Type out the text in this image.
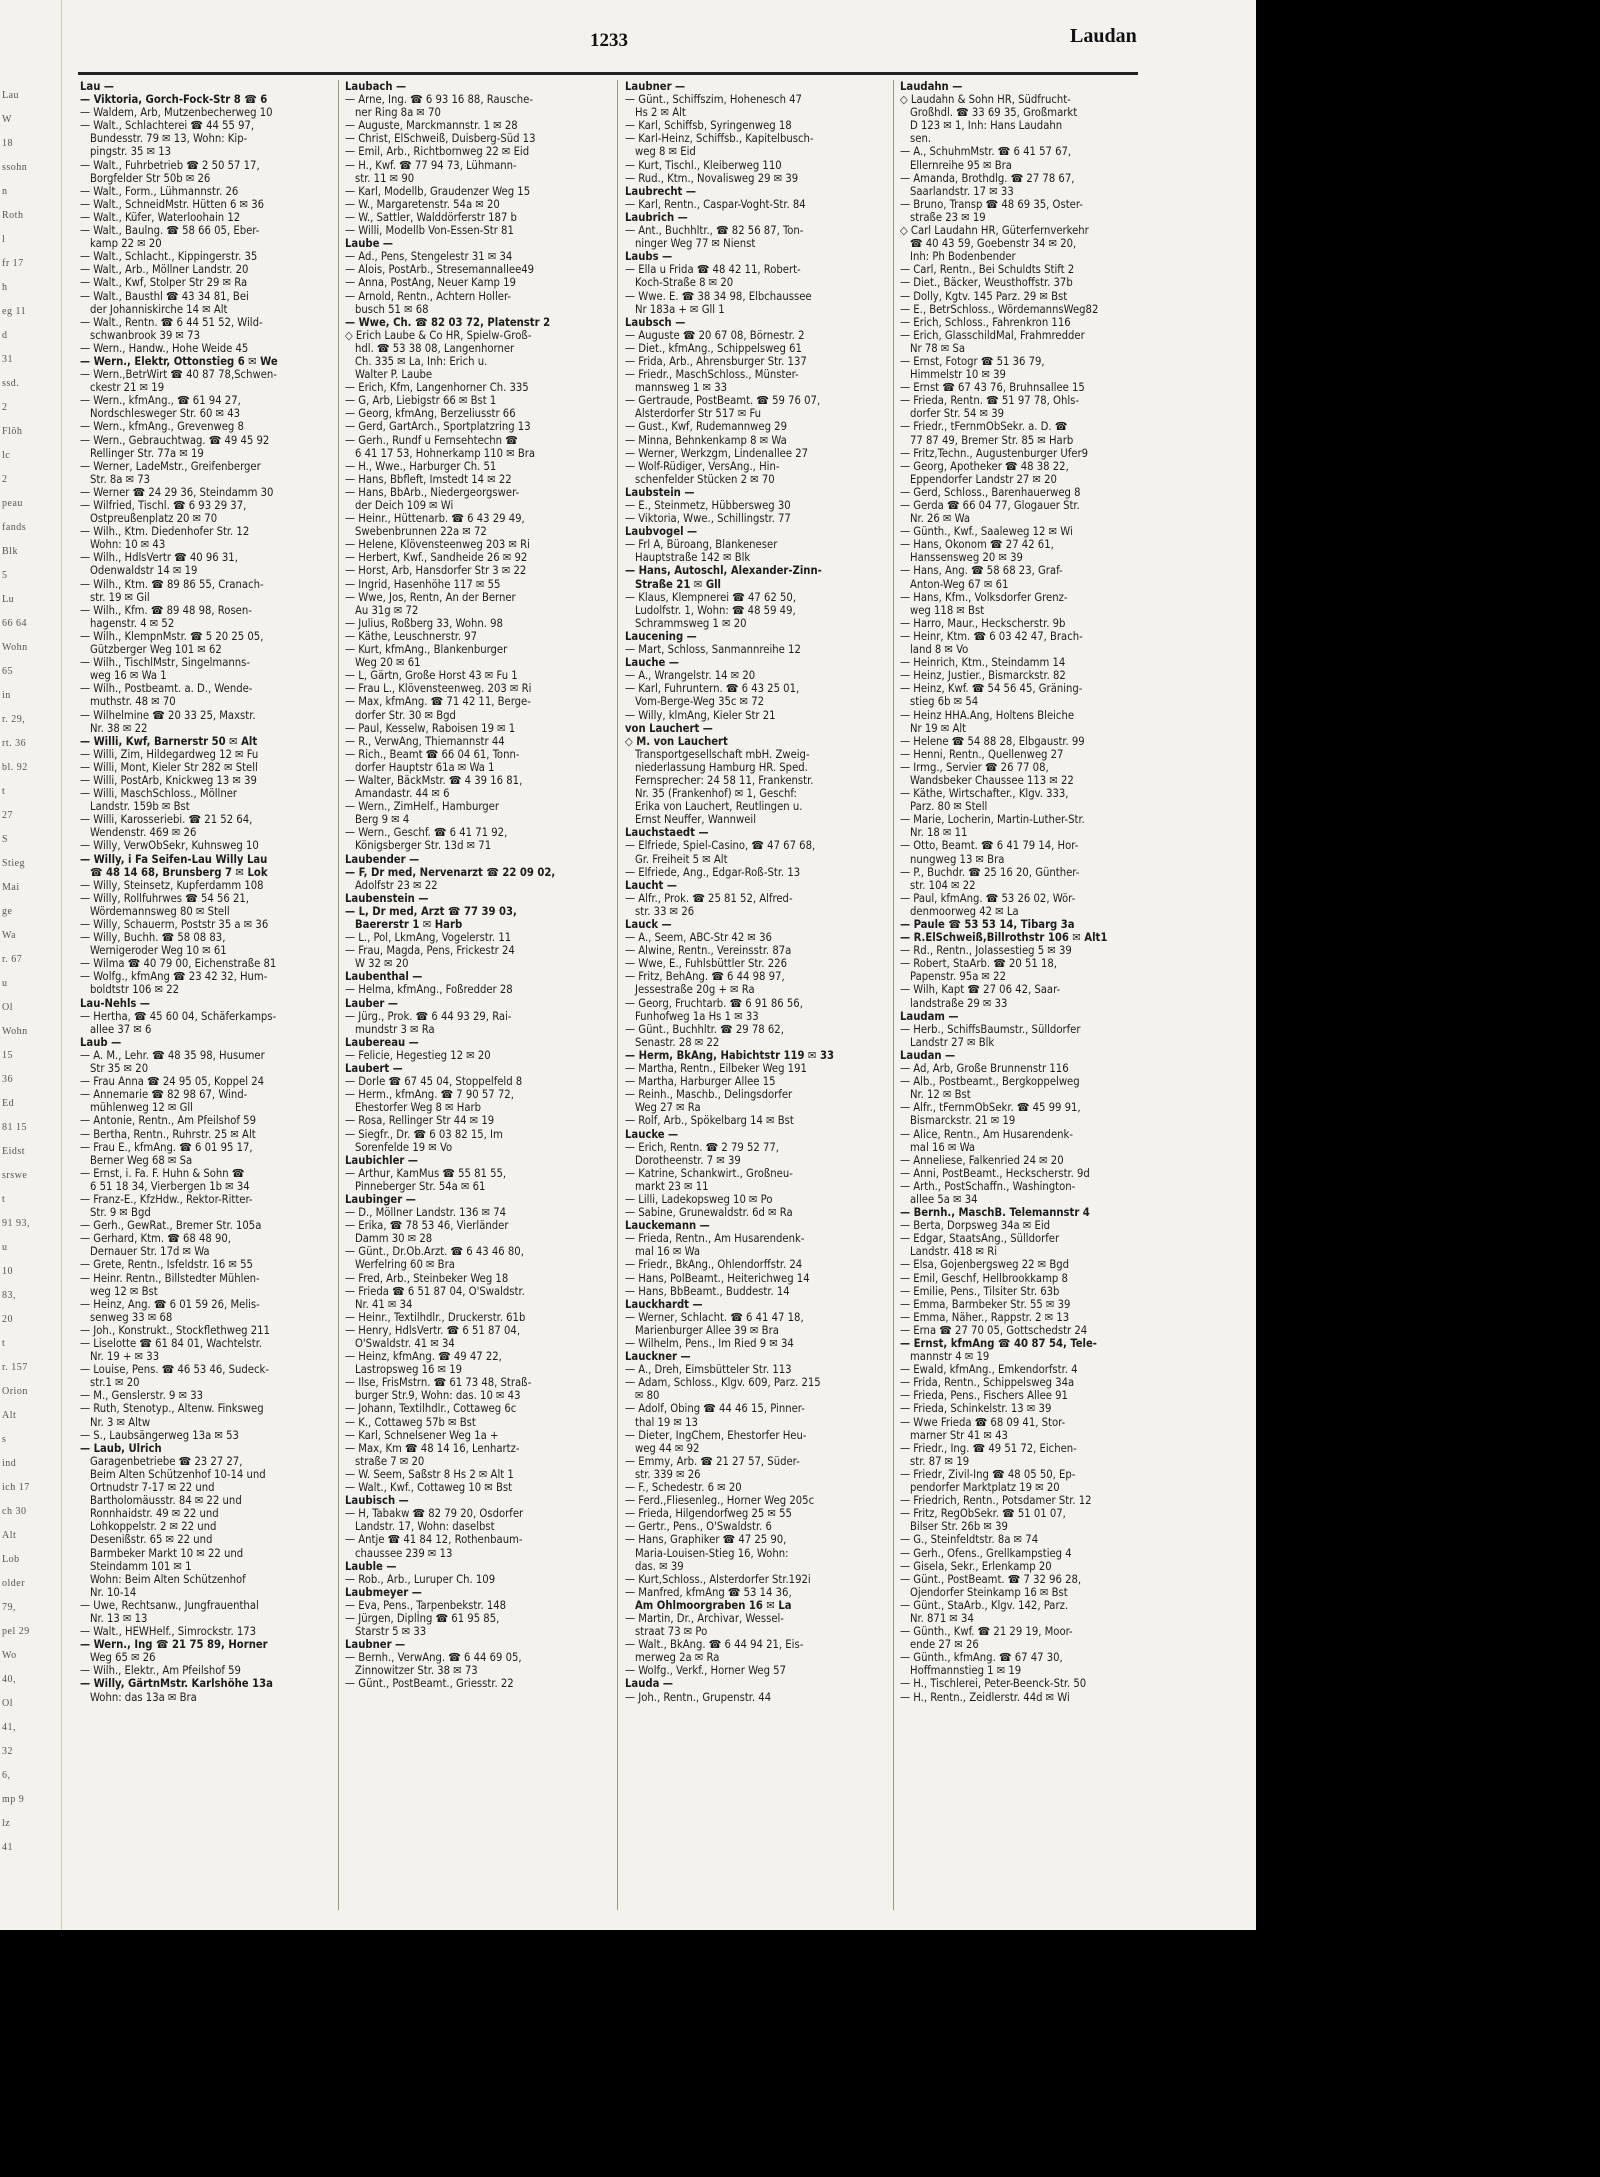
Lau
W
18
ssohn
n
Roth
l
fr 17
h
eg 11
d
31
ssd.
2
Flöh
lc
2
peau
fands
Blk
5
Lu
66 64
Wohn
65
in
r. 29,
rt. 36
bl. 92
t
27
S
Stieg
Mai
ge
Wa
r. 67
u
Ol
Wohn
15
36
Ed
81 15
Eidst
srswe
t
91 93,
u
10
83,
20
t
r. 157
Orion
Alt
s
ind
ich 17
ch 30
Alt
Lob
older
79,
pel 29
Wo
40,
Ol
41,
32
6,
mp 9
lz
41
1233	Laudan
Lau —
— Viktoria, Gorch-Fock-Str 8 ☎ 6
— Waldem, Arb, Mutzenbecherweg 10
— Walt., Schlachterei ☎ 44 55 97,
Bundesstr. 79 ✉ 13, Wohn: Kip-
pingstr. 35 ✉ 13
— Walt., Fuhrbetrieb ☎ 2 50 57 17,
Borgfelder Str 50b ✉ 26
— Walt., Form., Lühmannstr. 26
— Walt., SchneidMstr. Hütten 6 ✉ 36
— Walt., Küfer, Waterloohain 12
— Walt., Baulng. ☎ 58 66 05, Eber-
kamp 22 ✉ 20
— Walt., Schlacht., Kippingerstr. 35
— Walt., Arb., Möllner Landstr. 20
— Walt., Kwf, Stolper Str 29 ✉ Ra
— Walt., Bausthl ☎ 43 34 81, Bei
der Johanniskirche 14 ✉ Alt
— Walt., Rentn. ☎ 6 44 51 52, Wild-
schwanbrook 39 ✉ 73
— Wern., Handw., Hohe Weide 45
— Wern., Elektr, Ottonstieg 6 ✉ We
— Wern.,BetrWirt ☎ 40 87 78,Schwen-
ckestr 21 ✉ 19
— Wern., kfmAng., ☎ 61 94 27,
Nordschlesweger Str. 60 ✉ 43
— Wern., kfmAng., Grevenweg 8
— Wern., Gebrauchtwag. ☎ 49 45 92
Rellinger Str. 77a ✉ 19
— Werner, LadeMstr., Greifenberger
Str. 8a ✉ 73
— Werner ☎ 24 29 36, Steindamm 30
— Wilfried, Tischl. ☎ 6 93 29 37,
Ostpreußenplatz 20 ✉ 70
— Wilh., Ktm. Diedenhofer Str. 12
Wohn: 10 ✉ 43
— Wilh., HdlsVertr ☎ 40 96 31,
Odenwaldstr 14 ✉ 19
— Wilh., Ktm. ☎ 89 86 55, Cranach-
str. 19 ✉ Gil
— Wilh., Kfm. ☎ 89 48 98, Rosen-
hagenstr. 4 ✉ 52
— Wilh., KlempnMstr. ☎ 5 20 25 05,
Gützberger Weg 101 ✉ 62
— Wilh., TischlMstr, Singelmanns-
weg 16 ✉ Wa 1
— Wilh., Postbeamt. a. D., Wende-
muthstr. 48 ✉ 70
— Wilhelmine ☎ 20 33 25, Maxstr.
Nr. 38 ✉ 22
— Willi, Kwf, Barnerstr 50 ✉ Alt
— Willi, Zim, Hildegardweg 12 ✉ Fu
— Willi, Mont, Kieler Str 282 ✉ Stell
— Willi, PostArb, Knickweg 13 ✉ 39
— Willi, MaschSchloss., Möllner
Landstr. 159b ✉ Bst
— Willi, Karosseriebi. ☎ 21 52 64,
Wendenstr. 469 ✉ 26
— Willy, VerwObSekr, Kuhnsweg 10
— Willy, i Fa Seifen-Lau Willy Lau
☎ 48 14 68, Brunsberg 7 ✉ Lok
— Willy, Steinsetz, Kupferdamm 108
— Willy, Rollfuhrwes ☎ 54 56 21,
Wördemannsweg 80 ✉ Stell
— Willy, Schauerm, Poststr 35 a ✉ 36
— Willy, Buchh. ☎ 58 08 83,
Wernigeroder Weg 10 ✉ 61
— Wilma ☎ 40 79 00, Eichenstraße 81
— Wolfg., kfmAng ☎ 23 42 32, Hum-
boldtstr 106 ✉ 22
Lau-Nehls —
— Hertha, ☎ 45 60 04, Schäferkamps-
allee 37 ✉ 6
Laub —
— A. M., Lehr. ☎ 48 35 98, Husumer
Str 35 ✉ 20
— Frau Anna ☎ 24 95 05, Koppel 24
— Annemarie ☎ 82 98 67, Wind-
mühlenweg 12 ✉ Gll
— Antonie, Rentn., Am Pfeilshof 59
— Bertha, Rentn., Ruhrstr. 25 ✉ Alt
— Frau E., kfmAng. ☎ 6 01 95 17,
Berner Weg 68 ✉ Sa
— Ernst, i. Fa. F. Huhn & Sohn ☎
6 51 18 34, Vierbergen 1b ✉ 34
— Franz-E., KfzHdw., Rektor-Ritter-
Str. 9 ✉ Bgd
— Gerh., GewRat., Bremer Str. 105a
— Gerhard, Ktm. ☎ 68 48 90,
Dernauer Str. 17d ✉ Wa
— Grete, Rentn., Isfeldstr. 16 ✉ 55
— Heinr. Rentn., Billstedter Mühlen-
weg 12 ✉ Bst
— Heinz, Ang. ☎ 6 01 59 26, Melis-
senweg 33 ✉ 68
— Joh., Konstrukt., Stockflethweg 211
— Liselotte ☎ 61 84 01, Wachtelstr.
Nr. 19 + ✉ 33
— Louise, Pens. ☎ 46 53 46, Sudeck-
str.1 ✉ 20
— M., Genslerstr. 9 ✉ 33
— Ruth, Stenotyp., Altenw. Finksweg
Nr. 3 ✉ Altw
— S., Laubsängerweg 13a ✉ 53
— Laub, Ulrich
Garagenbetriebe ☎ 23 27 27,
Beim Alten Schützenhof 10-14 und
Ortnudstr 7-17 ✉ 22 und
Bartholomäusstr. 84 ✉ 22 und
Ronnhaidstr. 49 ✉ 22 und
Lohkoppelstr. 2 ✉ 22 und
Desenißstr. 65 ✉ 22 und
Barmbeker Markt 10 ✉ 22 und
Steindamm 101 ✉ 1
Wohn: Beim Alten Schützenhof
Nr. 10-14
— Uwe, Rechtsanw., Jungfrauenthal
Nr. 13 ✉ 13
— Walt., HEWHelf., Simrockstr. 173
— Wern., Ing ☎ 21 75 89, Horner
Weg 65 ✉ 26
— Wilh., Elektr., Am Pfeilshof 59
— Willy, GärtnMstr. Karlshöhe 13a
Wohn: das 13a ✉ Bra
Laubach —
— Arne, Ing. ☎ 6 93 16 88, Rausche-
ner Ring 8a ✉ 70
— Auguste, Marckmannstr. 1 ✉ 28
— Christ, ElSchweiß, Duisberg-Süd 13
— Emil, Arb., Richtbornweg 22 ✉ Eid
— H., Kwf. ☎ 77 94 73, Lühmann-
str. 11 ✉ 90
— Karl, Modellb, Graudenzer Weg 15
— W., Margaretenstr. 54a ✉ 20
— W., Sattler, Walddörferstr 187 b
— Willi, Modellb Von-Essen-Str 81
Laube —
— Ad., Pens, Stengelestr 31 ✉ 34
— Alois, PostArb., Stresemannallee49
— Anna, PostAng, Neuer Kamp 19
— Arnold, Rentn., Achtern Holler-
busch 51 ✉ 68
— Wwe, Ch. ☎ 82 03 72, Platenstr 2
◇ Erich Laube & Co HR, Spielw-Groß-
hdl. ☎ 53 38 08, Langenhorner
Ch. 335 ✉ La, Inh: Erich u.
Walter P. Laube
— Erich, Kfm, Langenhorner Ch. 335
— G, Arb, Liebigstr 66 ✉ Bst 1
— Georg, kfmAng, Berzeliusstr 66
— Gerd, GartArch., Sportplatzring 13
— Gerh., Rundf u Fernsehtechn ☎
6 41 17 53, Hohnerkamp 110 ✉ Bra
— H., Wwe., Harburger Ch. 51
— Hans, Bbfleft, Imstedt 14 ✉ 22
— Hans, BbArb., Niedergeorgswer-
der Deich 109 ✉ Wi
— Heinr., Hüttenarb. ☎ 6 43 29 49,
Swebenbrunnen 22a ✉ 72
— Helene, Klövensteenweg 203 ✉ Ri
— Herbert, Kwf., Sandheide 26 ✉ 92
— Horst, Arb, Hansdorfer Str 3 ✉ 22
— Ingrid, Hasenhöhe 117 ✉ 55
— Wwe, Jos, Rentn, An der Berner
Au 31g ✉ 72
— Julius, Roßberg 33, Wohn. 98
— Käthe, Leuschnerstr. 97
— Kurt, kfmAng., Blankenburger
Weg 20 ✉ 61
— L, Gärtn, Große Horst 43 ✉ Fu 1
— Frau L., Klövensteenweg. 203 ✉ Ri
— Max, kfmAng. ☎ 71 42 11, Berge-
dorfer Str. 30 ✉ Bgd
— Paul, Kesselw, Raboisen 19 ✉ 1
— R., VerwAng, Thiemannstr 44
— Rich., Beamt ☎ 66 04 61, Tonn-
dorfer Hauptstr 61a ✉ Wa 1
— Walter, BäckMstr. ☎ 4 39 16 81,
Amandastr. 44 ✉ 6
— Wern., ZimHelf., Hamburger
Berg 9 ✉ 4
— Wern., Geschf. ☎ 6 41 71 92,
Königsberger Str. 13d ✉ 71
Laubender —
— F, Dr med, Nervenarzt ☎ 22 09 02,
Adolfstr 23 ✉ 22
Laubenstein —
— L, Dr med, Arzt ☎ 77 39 03,
Baererstr 1 ✉ Harb
— L., Pol, LkmAng, Vogelerstr. 11
— Frau, Magda, Pens, Frickestr 24
W 32 ✉ 20
Laubenthal —
— Helma, kfmAng., Foßredder 28
Lauber —
— Jürg., Prok. ☎ 6 44 93 29, Rai-
mundstr 3 ✉ Ra
Laubereau —
— Felicie, Hegestieg 12 ✉ 20
Laubert —
— Dorle ☎ 67 45 04, Stoppelfeld 8
— Herm., kfmAng. ☎ 7 90 57 72,
Ehestorfer Weg 8 ✉ Harb
— Rosa, Rellinger Str 44 ✉ 19
— Siegfr., Dr. ☎ 6 03 82 15, Im
Sorenfelde 19 ✉ Vo
Laubichler —
— Arthur, KamMus ☎ 55 81 55,
Pinneberger Str. 54a ✉ 61
Laubinger —
— D., Möllner Landstr. 136 ✉ 74
— Erika, ☎ 78 53 46, Vierländer
Damm 30 ✉ 28
— Günt., Dr.Ob.Arzt. ☎ 6 43 46 80,
Werfelring 60 ✉ Bra
— Fred, Arb., Steinbeker Weg 18
— Frieda ☎ 6 51 87 04, O'Swaldstr.
Nr. 41 ✉ 34
— Heinr., Textilhdlr., Druckerstr. 61b
— Henry, HdlsVertr. ☎ 6 51 87 04,
O'Swaldstr. 41 ✉ 34
— Heinz, kfmAng. ☎ 49 47 22,
Lastropsweg 16 ✉ 19
— Ilse, FrisMstrn. ☎ 61 73 48, Straß-
burger Str.9, Wohn: das. 10 ✉ 43
— Johann, Textilhdlr., Cottaweg 6c
— K., Cottaweg 57b ✉ Bst
— Karl, Schnelsener Weg 1a +
— Max, Km ☎ 48 14 16, Lenhartz-
straße 7 ✉ 20
— W. Seem, Saßstr 8 Hs 2 ✉ Alt 1
— Walt., Kwf., Cottaweg 10 ✉ Bst
Laubisch —
— H, Tabakw ☎ 82 79 20, Osdorfer
Landstr. 17, Wohn: daselbst
— Antje ☎ 41 84 12, Rothenbaum-
chaussee 239 ✉ 13
Lauble —
— Rob., Arb., Luruper Ch. 109
Laubmeyer —
— Eva, Pens., Tarpenbekstr. 148
— Jürgen, Diplİng ☎ 61 95 85,
Starstr 5 ✉ 33
Laubner —
— Bernh., VerwAng. ☎ 6 44 69 05,
Zinnowitzer Str. 38 ✉ 73
— Günt., PostBeamt., Griesstr. 22
Laubner —
— Günt., Schiffszim, Hohenesch 47
Hs 2 ✉ Alt
— Karl, Schiffsb, Syringenweg 18
— Karl-Heinz, Schiffsb., Kapitelbusch-
weg 8 ✉ Eid
— Kurt, Tischl., Kleiberweg 110
— Rud., Ktm., Novalisweg 29 ✉ 39
Laubrecht —
— Karl, Rentn., Caspar-Voght-Str. 84
Laubrich —
— Ant., Buchhltr., ☎ 82 56 87, Ton-
ninger Weg 77 ✉ Nienst
Laubs —
— Ella u Frida ☎ 48 42 11, Robert-
Koch-Straße 8 ✉ 20
— Wwe. E. ☎ 38 34 98, Elbchaussee
Nr 183a + ✉ Gll 1
Laubsch —
— Auguste ☎ 20 67 08, Börnestr. 2
— Diet., kfmAng., Schippelsweg 61
— Frida, Arb., Ahrensburger Str. 137
— Friedr., MaschSchloss., Münster-
mannsweg 1 ✉ 33
— Gertraude, PostBeamt. ☎ 59 76 07,
Alsterdorfer Str 517 ✉ Fu
— Gust., Kwf, Rudemannweg 29
— Minna, Behnkenkamp 8 ✉ Wa
— Werner, Werkzgm, Lindenallee 27
— Wolf-Rüdiger, VersAng., Hin-
schenfelder Stücken 2 ✉ 70
Laubstein —
— E., Steinmetz, Hübbersweg 30
— Viktoria, Wwe., Schillingstr. 77
Laubvogel —
— Frl A, Büroang, Blankeneser
Hauptstraße 142 ✉ Blk
— Hans, Autoschl, Alexander-Zinn-
Straße 21 ✉ Gll
— Klaus, Klempnerei ☎ 47 62 50,
Ludolfstr. 1, Wohn: ☎ 48 59 49,
Schrammsweg 1 ✉ 20
Laucening —
— Mart, Schloss, Sanmannreihe 12
Lauche —
— A., Wrangelstr. 14 ✉ 20
— Karl, Fuhruntern. ☎ 6 43 25 01,
Vom-Berge-Weg 35c ✉ 72
— Willy, klmAng, Kieler Str 21
von Lauchert —
◇ M. von Lauchert
Transportgesellschaft mbH. Zweig-
niederlassung Hamburg HR. Sped.
Fernsprecher: 24 58 11, Frankenstr.
Nr. 35 (Frankenhof) ✉ 1, Geschf:
Erika von Lauchert, Reutlingen u.
Ernst Neuffer, Wannweil
Lauchstaedt —
— Elfriede, Spiel-Casino, ☎ 47 67 68,
Gr. Freiheit 5 ✉ Alt
— Elfriede, Ang., Edgar-Roß-Str. 13
Laucht —
— Alfr., Prok. ☎ 25 81 52, Alfred-
str. 33 ✉ 26
Lauck —
— A., Seem, ABC-Str 42 ✉ 36
— Alwine, Rentn., Vereinsstr. 87a
— Wwe, E., Fuhlsbüttler Str. 226
— Fritz, BehAng. ☎ 6 44 98 97,
Jessestraße 20g + ✉ Ra
— Georg, Fruchtarb. ☎ 6 91 86 56,
Funhofweg 1a Hs 1 ✉ 33
— Günt., Buchhltr. ☎ 29 78 62,
Senastr. 28 ✉ 22
— Herm, BkAng, Habichtstr 119 ✉ 33
— Martha, Rentn., Eilbeker Weg 191
— Martha, Harburger Allee 15
— Reinh., Maschb., Delingsdorfer
Weg 27 ✉ Ra
— Rolf, Arb., Spökelbarg 14 ✉ Bst
Laucke —
— Erich, Rentn. ☎ 2 79 52 77,
Dorotheenstr. 7 ✉ 39
— Katrine, Schankwirt., Großneu-
markt 23 ✉ 11
— Lilli, Ladekopsweg 10 ✉ Po
— Sabine, Grunewaldstr. 6d ✉ Ra
Lauckemann —
— Frieda, Rentn., Am Husarendenk-
mal 16 ✉ Wa
— Friedr., BkAng., Ohlendorffstr. 24
— Hans, PolBeamt., Heiterichweg 14
— Hans, BbBeamt., Buddestr. 14
Lauckhardt —
— Werner, Schlacht. ☎ 6 41 47 18,
Marienburger Allee 39 ✉ Bra
— Wilhelm, Pens., Im Ried 9 ✉ 34
Lauckner —
— A., Dreh, Eimsbütteler Str. 113
— Adam, Schloss., Klgv. 609, Parz. 215
✉ 80
— Adolf, Obing ☎ 44 46 15, Pinner-
thal 19 ✉ 13
— Dieter, IngChem, Ehestorfer Heu-
weg 44 ✉ 92
— Emmy, Arb. ☎ 21 27 57, Süder-
str. 339 ✉ 26
— F., Schedestr. 6 ✉ 20
— Ferd.,Fliesenleg., Horner Weg 205c
— Frieda, Hilgendorfweg 25 ✉ 55
— Gertr., Pens., O'Swaldstr. 6
— Hans, Graphiker ☎ 47 25 90,
Maria-Louisen-Stieg 16, Wohn:
das. ✉ 39
— Kurt,Schloss., Alsterdorfer Str.192i
— Manfred, kfmAng ☎ 53 14 36,
Am Ohlmoorgraben 16 ✉ La
— Martin, Dr., Archivar, Wessel-
straat 73 ✉ Po
— Walt., BkAng. ☎ 6 44 94 21, Eis-
merweg 2a ✉ Ra
— Wolfg., Verkf., Horner Weg 57
Lauda —
— Joh., Rentn., Grupenstr. 44
Laudahn —
◇ Laudahn & Sohn HR, Südfrucht-
Großhdl. ☎ 33 69 35, Großmarkt
D 123 ✉ 1, Inh: Hans Laudahn
sen.
— A., SchuhmMstr. ☎ 6 41 57 67,
Ellernreihe 95 ✉ Bra
— Amanda, Brothdlg. ☎ 27 78 67,
Saarlandstr. 17 ✉ 33
— Bruno, Transp ☎ 48 69 35, Oster-
straße 23 ✉ 19
◇ Carl Laudahn HR, Güterfernverkehr
☎ 40 43 59, Goebenstr 34 ✉ 20,
Inh: Ph Bodenbender
— Carl, Rentn., Bei Schuldts Stift 2
— Diet., Bäcker, Weusthoffstr. 37b
— Dolly, Kgtv. 145 Parz. 29 ✉ Bst
— E., BetrSchloss., WördemannsWeg82
— Erich, Schloss., Fahrenkron 116
— Erich, GlasschildMal, Frahmredder
Nr 78 ✉ Sa
— Ernst, Fotogr ☎ 51 36 79,
Himmelstr 10 ✉ 39
— Ernst ☎ 67 43 76, Bruhnsallee 15
— Frieda, Rentn. ☎ 51 97 78, Ohls-
dorfer Str. 54 ✉ 39
— Friedr., tFernmObSekr. a. D. ☎
77 87 49, Bremer Str. 85 ✉ Harb
— Fritz,Techn., Augustenburger Ufer9
— Georg, Apotheker ☎ 48 38 22,
Eppendorfer Landstr 27 ✉ 20
— Gerd, Schloss., Barenhauerweg 8
— Gerda ☎ 66 04 77, Glogauer Str.
Nr. 26 ✉ Wa
— Günth., Kwf., Saaleweg 12 ✉ Wi
— Hans, Okonom ☎ 27 42 61,
Hanssensweg 20 ✉ 39
— Hans, Ang. ☎ 58 68 23, Graf-
Anton-Weg 67 ✉ 61
— Hans, Kfm., Volksdorfer Grenz-
weg 118 ✉ Bst
— Harro, Maur., Heckscherstr. 9b
— Heinr, Ktm. ☎ 6 03 42 47, Brach-
land 8 ✉ Vo
— Heinrich, Ktm., Steindamm 14
— Heinz, Justier., Bismarckstr. 82
— Heinz, Kwf. ☎ 54 56 45, Gräning-
stieg 6b ✉ 54
— Heinz HHA.Ang, Holtens Bleiche
Nr 19 ✉ Alt
— Helene ☎ 54 88 28, Elbgaustr. 99
— Henni, Rentn., Quellenweg 27
— Irmg., Servier ☎ 26 77 08,
Wandsbeker Chaussee 113 ✉ 22
— Käthe, Wirtschafter., Klgv. 333,
Parz. 80 ✉ Stell
— Marie, Locherin, Martin-Luther-Str.
Nr. 18 ✉ 11
— Otto, Beamt. ☎ 6 41 79 14, Hor-
nungweg 13 ✉ Bra
— P., Buchdr. ☎ 25 16 20, Günther-
str. 104 ✉ 22
— Paul, kfmAng. ☎ 53 26 02, Wör-
denmoorweg 42 ✉ La
— Paule ☎ 53 53 14, Tibarg 3a
— R.ElSchweiß,Billrothstr 106 ✉ Alt1
— Rd., Rentn., Jolassestieg 5 ✉ 39
— Robert, StaArb. ☎ 20 51 18,
Papenstr. 95a ✉ 22
— Wilh, Kapt ☎ 27 06 42, Saar-
landstraße 29 ✉ 33
Laudam —
— Herb., SchiffsBaumstr., Sülldorfer
Landstr 27 ✉ Blk
Laudan —
— Ad, Arb, Große Brunnenstr 116
— Alb., Postbeamt., Bergkoppelweg
Nr. 12 ✉ Bst
— Alfr., tFernmObSekr. ☎ 45 99 91,
Bismarckstr. 21 ✉ 19
— Alice, Rentn., Am Husarendenk-
mal 16 ✉ Wa
— Anneliese, Falkenried 24 ✉ 20
— Anni, PostBeamt., Heckscherstr. 9d
— Arth., PostSchaffn., Washington-
allee 5a ✉ 34
— Bernh., MaschB. Telemannstr 4
— Berta, Dorpsweg 34a ✉ Eid
— Edgar, StaatsAng., Sülldorfer
Landstr. 418 ✉ Ri
— Elsa, Gojenbergsweg 22 ✉ Bgd
— Emil, Geschf, Hellbrookkamp 8
— Emilie, Pens., Tilsiter Str. 63b
— Emma, Barmbeker Str. 55 ✉ 39
— Emma, Näher., Rappstr. 2 ✉ 13
— Erna ☎ 27 70 05, Gottschedstr 24
— Ernst, kfmAng ☎ 40 87 54, Tele-
mannstr 4 ✉ 19
— Ewald, kfmAng., Emkendorfstr. 4
— Frida, Rentn., Schippelsweg 34a
— Frieda, Pens., Fischers Allee 91
— Frieda, Schinkelstr. 13 ✉ 39
— Wwe Frieda ☎ 68 09 41, Stor-
marner Str 41 ✉ 43
— Friedr., Ing. ☎ 49 51 72, Eichen-
str. 87 ✉ 19
— Friedr, Zivil-Ing ☎ 48 05 50, Ep-
pendorfer Marktplatz 19 ✉ 20
— Friedrich, Rentn., Potsdamer Str. 12
— Fritz, RegObSekr. ☎ 51 01 07,
Bilser Str. 26b ✉ 39
— G., Steinfeldtstr. 8a ✉ 74
— Gerh., Ofens., Grellkampstieg 4
— Gisela, Sekr., Erlenkamp 20
— Günt., PostBeamt. ☎ 7 32 96 28,
Ojendorfer Steinkamp 16 ✉ Bst
— Günt., StaArb., Klgv. 142, Parz.
Nr. 871 ✉ 34
— Günth., Kwf. ☎ 21 29 19, Moor-
ende 27 ✉ 26
— Günth., kfmAng. ☎ 67 47 30,
Hoffmannstieg 1 ✉ 19
— H., Tischlerei, Peter-Beenck-Str. 50
— H., Rentn., Zeidlerstr. 44d ✉ Wi
